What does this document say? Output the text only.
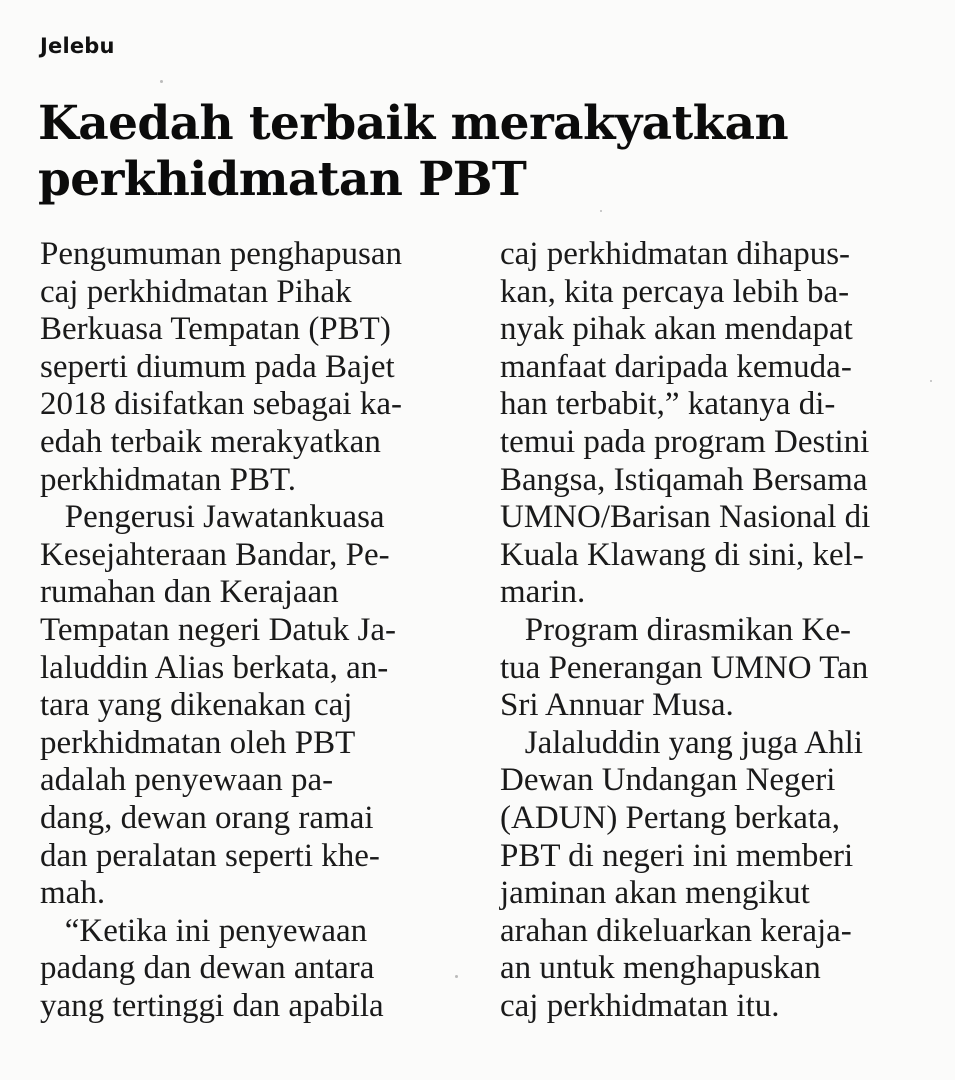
Jelebu
Kaedah terbaik merakyatkan
perkhidmatan PBT
Pengumuman penghapusan
caj perkhidmatan Pihak
Berkuasa Tempatan (PBT)
seperti diumum pada Bajet
2018 disifatkan sebagai ka-
edah terbaik merakyatkan
perkhidmatan PBT.
Pengerusi Jawatankuasa
Kesejahteraan Bandar, Pe-
rumahan dan Kerajaan
Tempatan negeri Datuk Ja-
laluddin Alias berkata, an-
tara yang dikenakan caj
perkhidmatan oleh PBT
adalah penyewaan pa-
dang, dewan orang ramai
dan peralatan seperti khe-
mah.
“Ketika ini penyewaan
padang dan dewan antara
yang tertinggi dan apabila
caj perkhidmatan dihapus-
kan, kita percaya lebih ba-
nyak pihak akan mendapat
manfaat daripada kemuda-
han terbabit,” katanya di-
temui pada program Destini
Bangsa, Istiqamah Bersama
UMNO/Barisan Nasional di
Kuala Klawang di sini, kel-
marin.
Program dirasmikan Ke-
tua Penerangan UMNO Tan
Sri Annuar Musa.
Jalaluddin yang juga Ahli
Dewan Undangan Negeri
(ADUN) Pertang berkata,
PBT di negeri ini memberi
jaminan akan mengikut
arahan dikeluarkan keraja-
an untuk menghapuskan
caj perkhidmatan itu.
